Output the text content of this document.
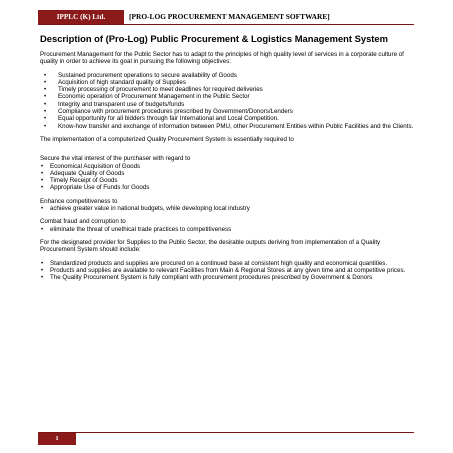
IPPLC (K) Ltd.	[PRO-LOG PROCUREMENT MANAGEMENT SOFTWARE]
Description of (Pro-Log) Public Procurement & Logistics Management System

Procurement Management for the Public Sector has to adapt to the principles of high quality level of services in a corporate culture of quality in order to achieve its goal in pursuing the following objectives:

• Sustained procurement operations to secure availability of Goods
• Acquisition of high standard quality of Supplies
• Timely processing of procurement to meet deadlines for required deliveries
• Economic operation of Procurement Management in the Public Sector
• Integrity and transparent use of budgets/funds
• Compliance with procurement procedures prescribed by Government/Donors/Lenders
• Equal opportunity for all bidders through fair International and Local Competition.
• Know-how transfer and exchange of information between PMU, other Procurement Entities within Public Facilities and the Clients.

The implementation of a computerized Quality Procurement System is essentially required to

Secure the vital interest of the purchaser with regard to

• Economical Acquisition of Goods
• Adequate Quality of Goods
• Timely Receipt of Goods
• Appropriate Use of Funds for Goods

Enhance competitiveness to

• achieve greater value in national budgets, while developing local industry

Combat fraud and corruption to

• eliminate the threat of unethical trade practices to competitiveness

For the designated provider for Supplies to the Public Sector, the desirable outputs deriving from implementation of a Quality Procurement System should include:

• Standardized products and supplies are procured on a continued base at consistent high quality and economical quantities.
• Products and supplies are available to relevant Facilities from Main & Regional Stores at any given time and at competitive prices.
• The Quality Procurement System is fully compliant with procurement procedures prescribed by Government & Donors
1
